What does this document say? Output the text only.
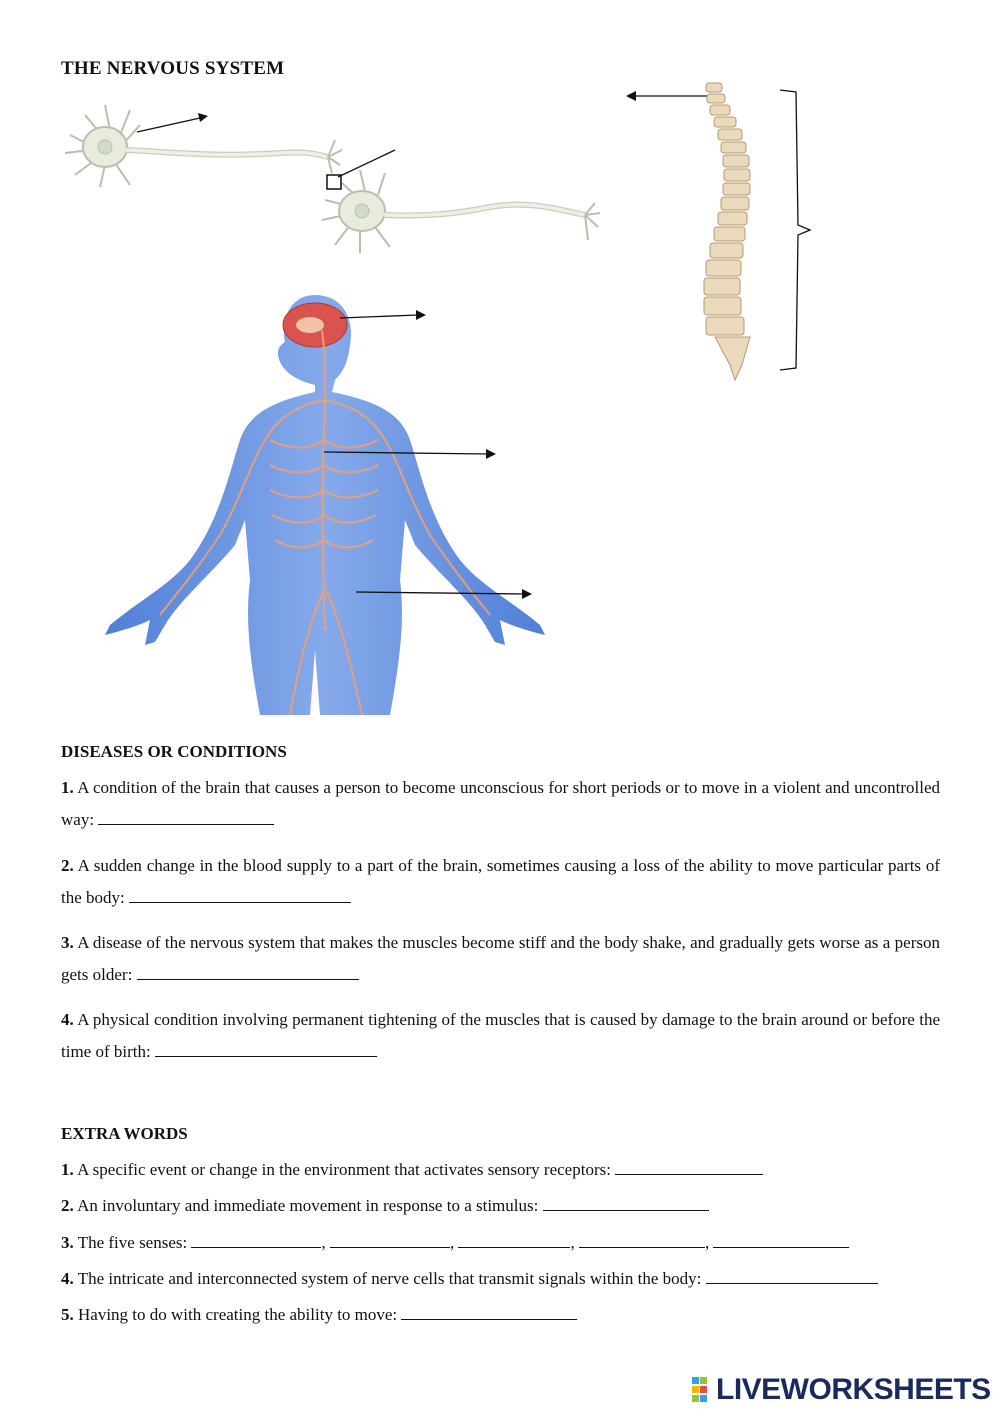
THE NERVOUS SYSTEM
DISEASES OR CONDITIONS
1. A condition of the brain that causes a person to become unconscious for short periods or to move in a violent and uncontrolled way:
2. A sudden change in the blood supply to a part of the brain, sometimes causing a loss of the ability to move particular parts of the body:
3. A disease of the nervous system that makes the muscles become stiff and the body shake, and gradually gets worse as a person gets older:
4. A physical condition involving permanent tightening of the muscles that is caused by damage to the brain around or before the time of birth:
EXTRA WORDS
1. A specific event or change in the environment that activates sensory receptors:
2. An involuntary and immediate movement in response to a stimulus:
3. The five senses:	,	,	,	,
4. The intricate and interconnected system of nerve cells that transmit signals within the body:
5. Having to do with creating the ability to move:
LIVEWORKSHEETS
